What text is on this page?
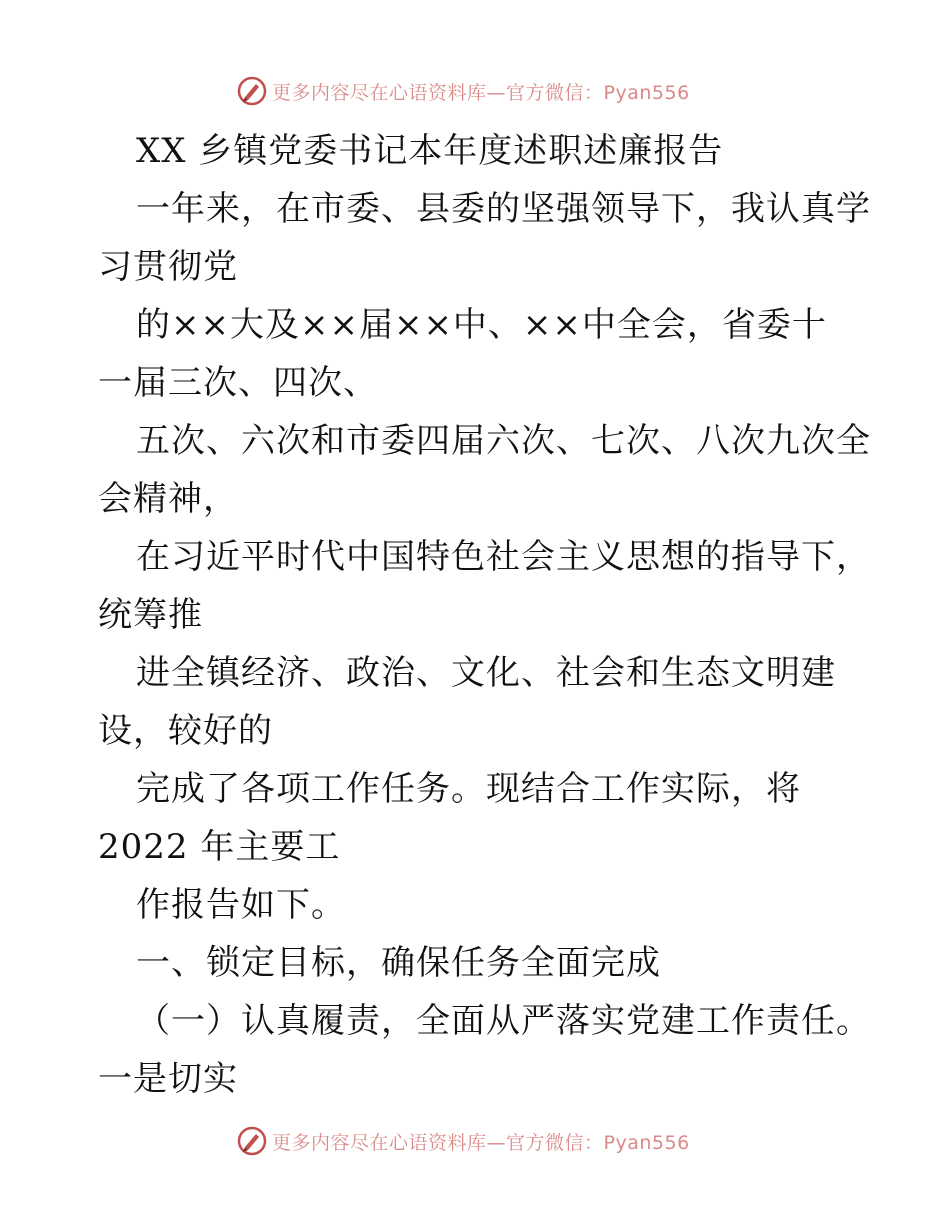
更多内容尽在心语资料库—官方微信：Pyan556
XX 乡镇党委书记本年度述职述廉报告
一年来，在市委、县委的坚强领导下，我认真学
习贯彻党
的××大及××届××中、××中全会，省委十
一届三次、四次、
五次、六次和市委四届六次、七次、八次九次全
会精神，
在习近平时代中国特色社会主义思想的指导下，
统筹推
进全镇经济、政治、文化、社会和生态文明建
设，较好的
完成了各项工作任务。现结合工作实际，将
2022 年主要工
作报告如下。
一、锁定目标，确保任务全面完成
（一）认真履责，全面从严落实党建工作责任。
一是切实
更多内容尽在心语资料库—官方微信：Pyan556
